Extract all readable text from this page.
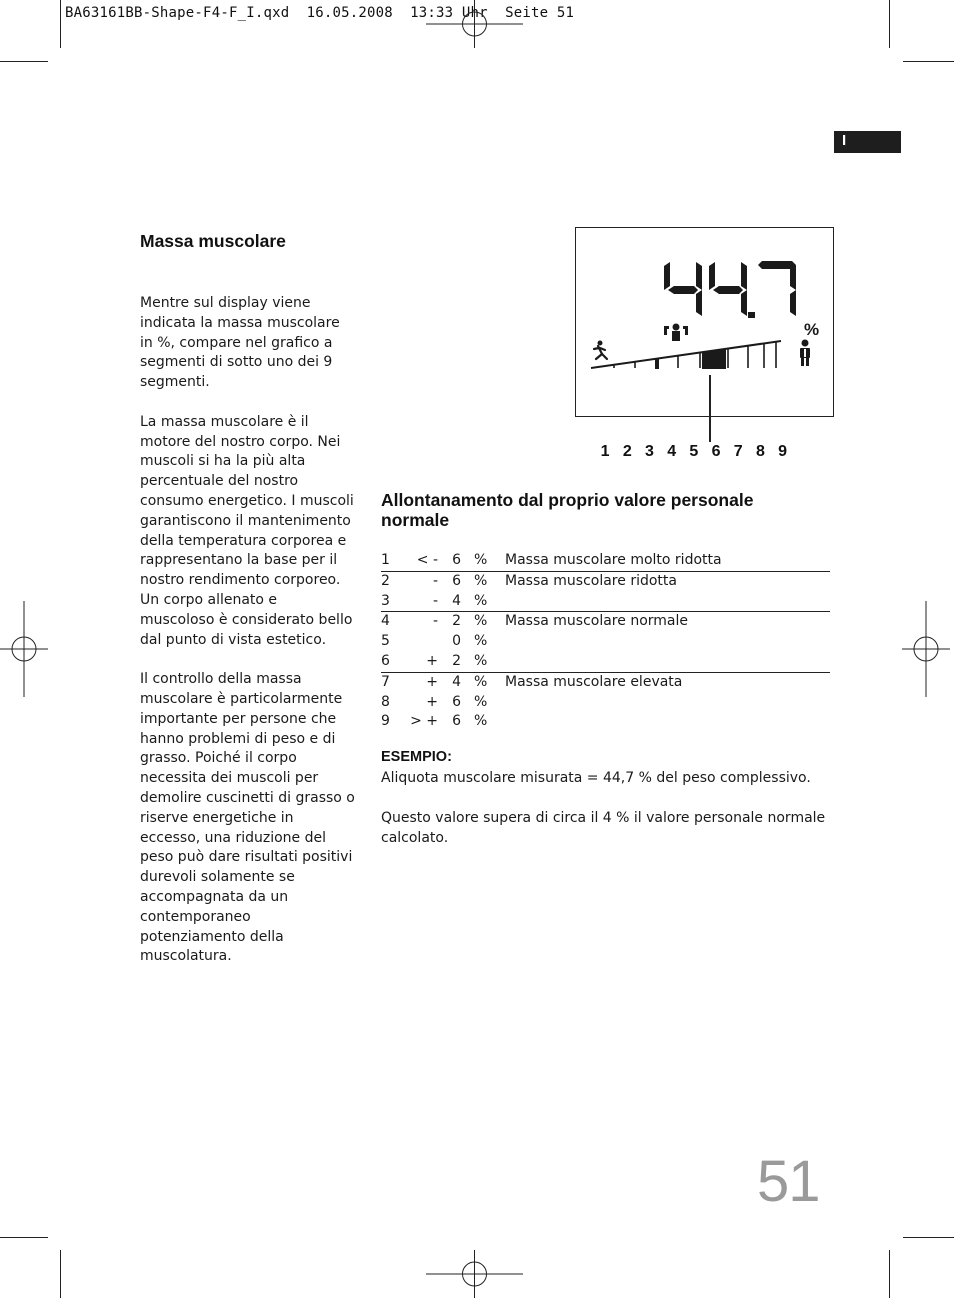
BA63161BB-Shape-F4-F_I.qxd  16.05.2008  13:33 Uhr  Seite 51
I
Massa muscolare

Mentre sul display viene indicata la massa muscolare in %, compare nel grafico a segmenti di sotto uno dei 9 segmenti.

La massa muscolare è il motore del nostro corpo. Nei muscoli si ha la più alta percentuale del nostro consumo energetico. I muscoli garantiscono il mantenimento della temperatura corporea e rappresentano la base per il nostro rendimento corporeo. Un corpo allenato e muscoloso è considerato bello dal punto di vista estetico.

Il controllo della massa muscolare è particolarmente importante per persone che hanno problemi di peso e di grasso. Poiché il corpo necessita dei muscoli per demolire cuscinetti di grasso o riserve energetiche in eccesso, una riduzione del peso può dare risultati positivi durevoli solamente se accompagnata da un contemporaneo potenziamento della muscolatura.

%
1 2 3 4 5 6 7 8 9
Allontanamento dal proprio valore personale normale
1 < - 6 % Massa muscolare molto ridotta
2	- 6 % Massa muscolare ridotta
3	- 4 %
4	- 2 % Massa muscolare normale
5	0 %
6	+ 2 %
7	+ 4 % Massa muscolare elevata
8	+ 6 %
9 > + 6 %
ESEMPIO:
Aliquota muscolare misurata = 44,7 % del peso complessivo.
Questo valore supera di circa il 4 % il valore personale normale calcolato.
51
